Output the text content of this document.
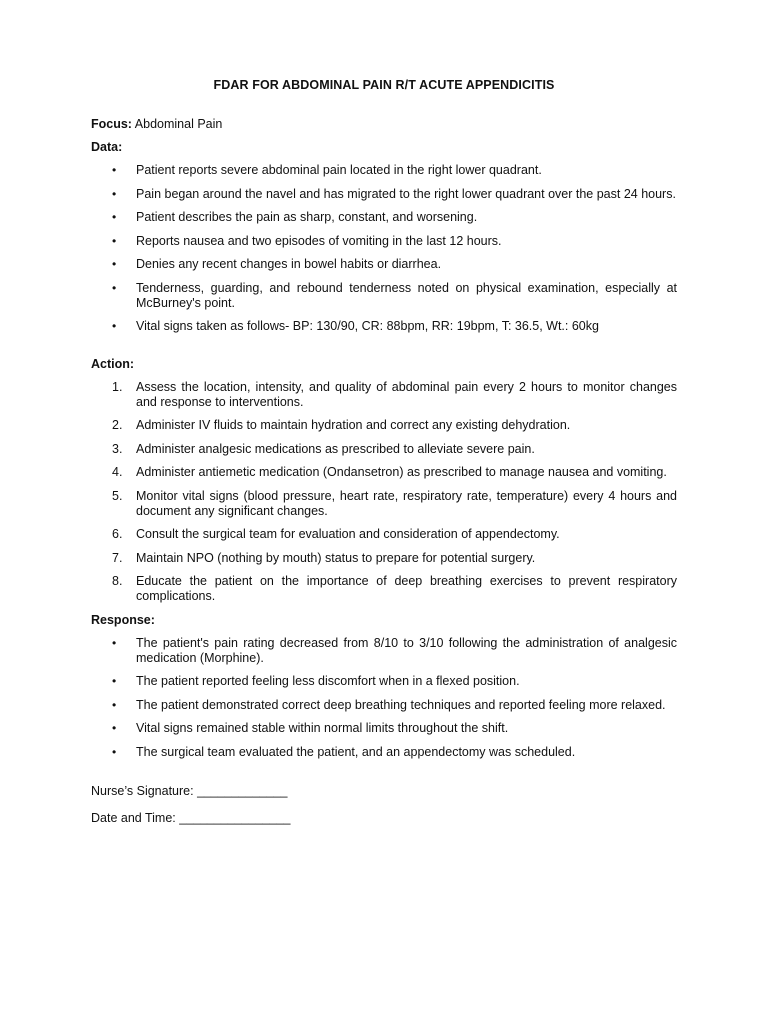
FDAR FOR ABDOMINAL PAIN R/T ACUTE APPENDICITIS

Focus: Abdominal Pain

Data:

• Patient reports severe abdominal pain located in the right lower quadrant.
• Pain began around the navel and has migrated to the right lower quadrant over the past 24 hours.
• Patient describes the pain as sharp, constant, and worsening.
• Reports nausea and two episodes of vomiting in the last 12 hours.
• Denies any recent changes in bowel habits or diarrhea.
• Tenderness, guarding, and rebound tenderness noted on physical examination, especially at McBurney's point.
• Vital signs taken as follows- BP: 130/90, CR: 88bpm, RR: 19bpm, T: 36.5, Wt.: 60kg

Action:

1. Assess the location, intensity, and quality of abdominal pain every 2 hours to monitor changes and response to interventions.
2. Administer IV fluids to maintain hydration and correct any existing dehydration.
3. Administer analgesic medications as prescribed to alleviate severe pain.
4. Administer antiemetic medication (Ondansetron) as prescribed to manage nausea and vomiting.
5. Monitor vital signs (blood pressure, heart rate, respiratory rate, temperature) every 4 hours and document any significant changes.
6. Consult the surgical team for evaluation and consideration of appendectomy.
7. Maintain NPO (nothing by mouth) status to prepare for potential surgery.
8. Educate the patient on the importance of deep breathing exercises to prevent respiratory complications.

Response:

• The patient's pain rating decreased from 8/10 to 3/10 following the administration of analgesic medication (Morphine).
• The patient reported feeling less discomfort when in a flexed position.
• The patient demonstrated correct deep breathing techniques and reported feeling more relaxed.
• Vital signs remained stable within normal limits throughout the shift.
• The surgical team evaluated the patient, and an appendectomy was scheduled.

Nurse’s Signature: _____________

Date and Time: ________________
